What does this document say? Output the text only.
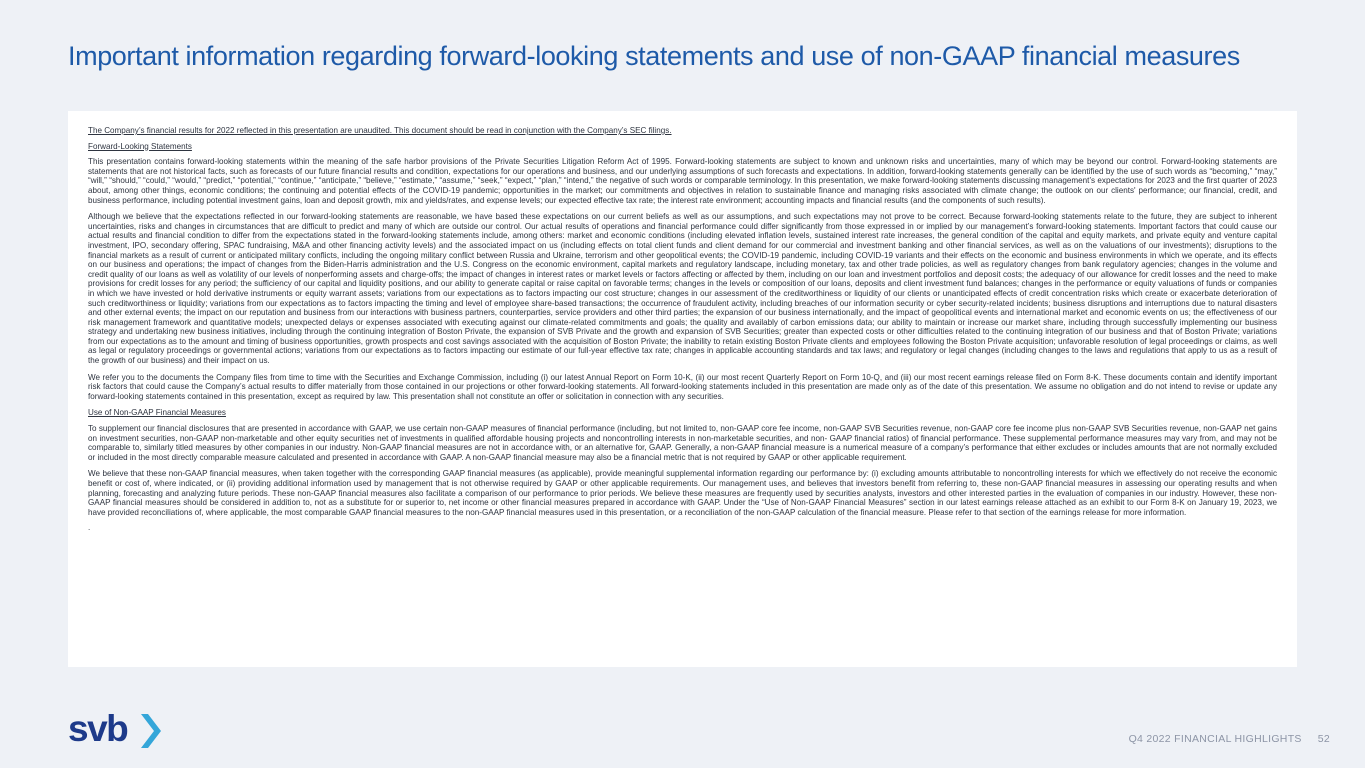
Important information regarding forward-looking statements and use of non-GAAP financial measures

The Company’s financial results for 2022 reflected in this presentation are unaudited. This document should be read in conjunction with the Company’s SEC filings.

Forward-Looking Statements

This presentation contains forward-looking statements within the meaning of the safe harbor provisions of the Private Securities Litigation Reform Act of 1995. Forward-looking statements are subject to known and unknown risks and uncertainties, many of which may be beyond our control. Forward-looking statements are statements that are not historical facts, such as forecasts of our future financial results and condition, expectations for our operations and business, and our underlying assumptions of such forecasts and expectations. In addition, forward-looking statements generally can be identified by the use of such words as “becoming,” “may,” “will,” “should,” “could,” “would,” “predict,” “potential,” “continue,” “anticipate,” “believe,” “estimate,” “assume,” “seek,” “expect,” “plan,” “intend,” the negative of such words or comparable terminology. In this presentation, we make forward-looking statements discussing management’s expectations for 2023 and the first quarter of 2023 about, among other things, economic conditions; the continuing and potential effects of the COVID-19 pandemic; opportunities in the market; our commitments and objectives in relation to sustainable finance and managing risks associated with climate change; the outlook on our clients' performance; our financial, credit, and business performance, including potential investment gains, loan and deposit growth, mix and yields/rates, and expense levels; our expected effective tax rate; the interest rate environment; accounting impacts and financial results (and the components of such results).

Although we believe that the expectations reflected in our forward-looking statements are reasonable, we have based these expectations on our current beliefs as well as our assumptions, and such expectations may not prove to be correct. Because forward-looking statements relate to the future, they are subject to inherent uncertainties, risks and changes in circumstances that are difficult to predict and many of which are outside our control. Our actual results of operations and financial performance could differ significantly from those expressed in or implied by our management’s forward-looking statements. Important factors that could cause our actual results and financial condition to differ from the expectations stated in the forward-looking statements include, among others: market and economic conditions (including elevated inflation levels, sustained interest rate increases, the general condition of the capital and equity markets, and private equity and venture capital investment, IPO, secondary offering, SPAC fundraising, M&A and other financing activity levels) and the associated impact on us (including effects on total client funds and client demand for our commercial and investment banking and other financial services, as well as on the valuations of our investments); disruptions to the financial markets as a result of current or anticipated military conflicts, including the ongoing military conflict between Russia and Ukraine, terrorism and other geopolitical events; the COVID-19 pandemic, including COVID-19 variants and their effects on the economic and business environments in which we operate, and its effects on our business and operations; the impact of changes from the Biden-Harris administration and the U.S. Congress on the economic environment, capital markets and regulatory landscape, including monetary, tax and other trade policies, as well as regulatory changes from bank regulatory agencies; changes in the volume and credit quality of our loans as well as volatility of our levels of nonperforming assets and charge-offs; the impact of changes in interest rates or market levels or factors affecting or affected by them, including on our loan and investment portfolios and deposit costs; the adequacy of our allowance for credit losses and the need to make provisions for credit losses for any period; the sufficiency of our capital and liquidity positions, and our ability to generate capital or raise capital on favorable terms; changes in the levels or composition of our loans, deposits and client investment fund balances; changes in the performance or equity valuations of funds or companies in which we have invested or hold derivative instruments or equity warrant assets; variations from our expectations as to factors impacting our cost structure; changes in our assessment of the creditworthiness or liquidity of our clients or unanticipated effects of credit concentration risks which create or exacerbate deterioration of such creditworthiness or liquidity; variations from our expectations as to factors impacting the timing and level of employee share-based transactions; the occurrence of fraudulent activity, including breaches of our information security or cyber security-related incidents; business disruptions and interruptions due to natural disasters and other external events; the impact on our reputation and business from our interactions with business partners, counterparties, service providers and other third parties; the expansion of our business internationally, and the impact of geopolitical events and international market and economic events on us; the effectiveness of our risk management framework and quantitative models; unexpected delays or expenses associated with executing against our climate-related commitments and goals; the quality and availably of carbon emissions data; our ability to maintain or increase our market share, including through successfully implementing our business strategy and undertaking new business initiatives, including through the continuing integration of Boston Private, the expansion of SVB Private and the growth and expansion of SVB Securities; greater than expected costs or other difficulties related to the continuing integration of our business and that of Boston Private; variations from our expectations as to the amount and timing of business opportunities, growth prospects and cost savings associated with the acquisition of Boston Private; the inability to retain existing Boston Private clients and employees following the Boston Private acquisition; unfavorable resolution of legal proceedings or claims, as well as legal or regulatory proceedings or governmental actions; variations from our expectations as to factors impacting our estimate of our full-year effective tax rate; changes in applicable accounting standards and tax laws; and regulatory or legal changes (including changes to the laws and regulations that apply to us as a result of the growth of our business) and their impact on us.

We refer you to the documents the Company files from time to time with the Securities and Exchange Commission, including (i) our latest Annual Report on Form 10-K, (ii) our most recent Quarterly Report on Form 10-Q, and (iii) our most recent earnings release filed on Form 8-K. These documents contain and identify important risk factors that could cause the Company’s actual results to differ materially from those contained in our projections or other forward-looking statements. All forward-looking statements included in this presentation are made only as of the date of this presentation. We assume no obligation and do not intend to revise or update any forward-looking statements contained in this presentation, except as required by law. This presentation shall not constitute an offer or solicitation in connection with any securities.

Use of Non-GAAP Financial Measures

To supplement our financial disclosures that are presented in accordance with GAAP, we use certain non-GAAP measures of financial performance (including, but not limited to, non-GAAP core fee income, non-GAAP SVB Securities revenue, non-GAAP core fee income plus non-GAAP SVB Securities revenue, non-GAAP net gains on investment securities, non-GAAP non-marketable and other equity securities net of investments in qualified affordable housing projects and noncontrolling interests in non-marketable securities, and non- GAAP financial ratios) of financial performance. These supplemental performance measures may vary from, and may not be comparable to, similarly titled measures by other companies in our industry. Non-GAAP financial measures are not in accordance with, or an alternative for, GAAP. Generally, a non-GAAP financial measure is a numerical measure of a company’s performance that either excludes or includes amounts that are not normally excluded or included in the most directly comparable measure calculated and presented in accordance with GAAP. A non-GAAP financial measure may also be a financial metric that is not required by GAAP or other applicable requirement.

We believe that these non-GAAP financial measures, when taken together with the corresponding GAAP financial measures (as applicable), provide meaningful supplemental information regarding our performance by: (i) excluding amounts attributable to noncontrolling interests for which we effectively do not receive the economic benefit or cost of, where indicated, or (ii) providing additional information used by management that is not otherwise required by GAAP or other applicable requirements. Our management uses, and believes that investors benefit from referring to, these non-GAAP financial measures in assessing our operating results and when planning, forecasting and analyzing future periods. These non-GAAP financial measures also facilitate a comparison of our performance to prior periods. We believe these measures are frequently used by securities analysts, investors and other interested parties in the evaluation of companies in our industry. However, these non-GAAP financial measures should be considered in addition to, not as a substitute for or superior to, net income or other financial measures prepared in accordance with GAAP. Under the “Use of Non-GAAP Financial Measures” section in our latest earnings release attached as an exhibit to our Form 8-K on January 19, 2023, we have provided reconciliations of, where applicable, the most comparable GAAP financial measures to the non-GAAP financial measures used in this presentation, or a reconciliation of the non-GAAP calculation of the financial measure. Please refer to that section of the earnings release for more information.

.

svb	Q4 2022 FINANCIAL HIGHLIGHTS 52
